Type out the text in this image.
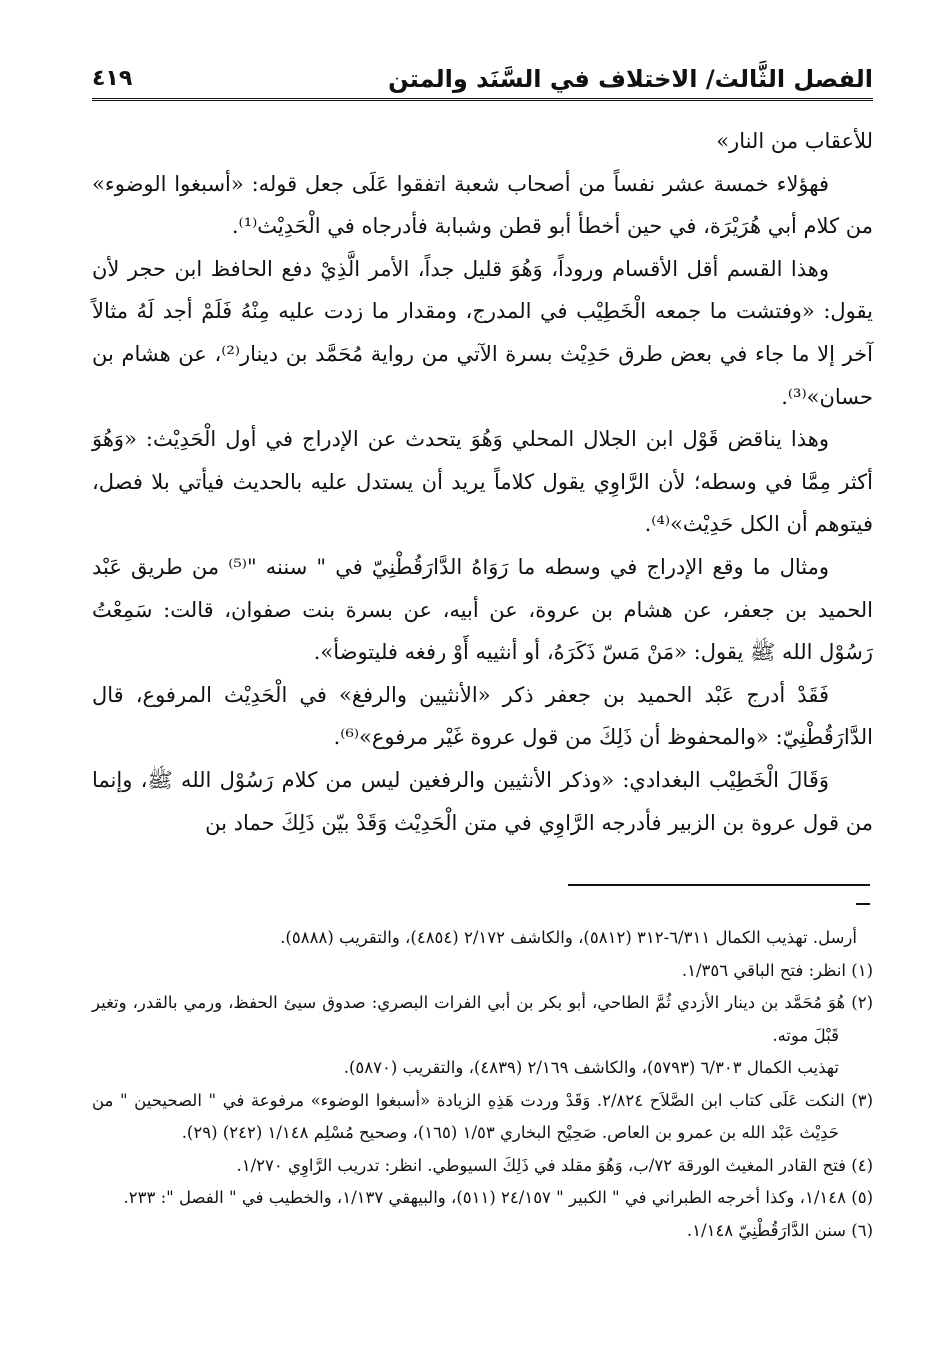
الفصل الثَّالث/ الاختلاف في السَّنَد والمتن
٤١٩

للأعقاب من النار»

فهؤلاء خمسة عشر نفساً من أصحاب شعبة اتفقوا عَلَى جعل قوله: «أسبغوا الوضوء» من كلام أبي هُرَيْرَة، في حين أخطأ أبو قطن وشبابة فأدرجاه في الْحَدِيْث⁽¹⁾.

وهذا القسم أقل الأقسام وروداً، وَهُوَ قليل جداً، الأمر الَّذِيْ دفع الحافظ ابن حجر لأن يقول: «وفتشت ما جمعه الْخَطِيْب في المدرج، ومقدار ما زدت عليه مِنْهُ فَلَمْ أجد لَهُ مثالاً آخر إلا ما جاء في بعض طرق حَدِيْث بسرة الآتي من رواية مُحَمَّد بن دينار⁽²⁾، عن هشام بن حسان»⁽³⁾.

وهذا يناقض قَوْل ابن الجلال المحلي وَهُوَ يتحدث عن الإدراج في أول الْحَدِيْث: «وَهُوَ أكثر مِمَّا في وسطه؛ لأن الرَّاوِي يقول كلاماً يريد أن يستدل عليه بالحديث فيأتي بلا فصل، فيتوهم أن الكل حَدِيْث»⁽⁴⁾.

ومثال ما وقع الإدراج في وسطه ما رَوَاهُ الدَّارَقُطْنِيّ في " سننه "⁽⁵⁾ من طريق عَبْد الحميد بن جعفر، عن هشام بن عروة، عن أبيه، عن بسرة بنت صفوان، قالت: سَمِعْتُ رَسُوْل الله ﷺ يقول: «مَنْ مَسّ ذَكَرَهُ، أو أنثييه أَوْ رفغه فليتوضأ».

فَقَدْ أدرج عَبْد الحميد بن جعفر ذكر «الأنثيين والرفغ» في الْحَدِيْث المرفوع، قال الدَّارَقُطْنِيّ: «والمحفوظ أن ذَلِكَ من قول عروة غَيْر مرفوع»⁽⁶⁾.

وَقَالَ الْخَطِيْب البغدادي: «وذكر الأنثيين والرفغين ليس من كلام رَسُوْل الله ﷺ، وإنما من قول عروة بن الزبير فأدرجه الرَّاوِي في متن الْحَدِيْث وَقَدْ بيّن ذَلِكَ حماد بن

أرسل. تهذيب الكمال ٦/٣١١-٣١٢ (٥٨١٢)، والكاشف ٢/١٧٢ (٤٨٥٤)، والتقريب (٥٨٨٨).

(١) انظر: فتح الباقي ١/٣٥٦.

(٢) هُوَ مُحَمَّد بن دينار الأزدي ثُمَّ الطاحي، أبو بكر بن أبي الفرات البصري: صدوق سيئ الحفظ، ورمي بالقدر، وتغير قَبْلَ موته.

تهذيب الكمال ٦/٣٠٣ (٥٧٩٣)، والكاشف ٢/١٦٩ (٤٨٣٩)، والتقريب (٥٨٧٠).

(٣) النكت عَلَى كتاب ابن الصَّلاَح ٢/٨٢٤. وَقَدْ وردت هَذِهِ الزيادة «أسبغوا الوضوء» مرفوعة في " الصحيحين " من حَدِيْث عَبْد الله بن عمرو بن العاص. صَحِيْح البخاري ١/٥٣ (١٦٥)، وصحيح مُسْلِم ١/١٤٨ (٢٤٢) (٢٩).

(٤) فتح القادر المغيث الورقة ٧٢/ب، وَهُوَ مقلد في ذَلِكَ السيوطي. انظر: تدريب الرَّاوِي ١/٢٧٠.

(٥) ١/١٤٨، وكذا أخرجه الطبراني في " الكبير " ٢٤/١٥٧ (٥١١)، والبيهقي ١/١٣٧، والخطيب في " الفصل ": ٢٣٣.

(٦) سنن الدَّارَقُطْنِيّ ١/١٤٨.
